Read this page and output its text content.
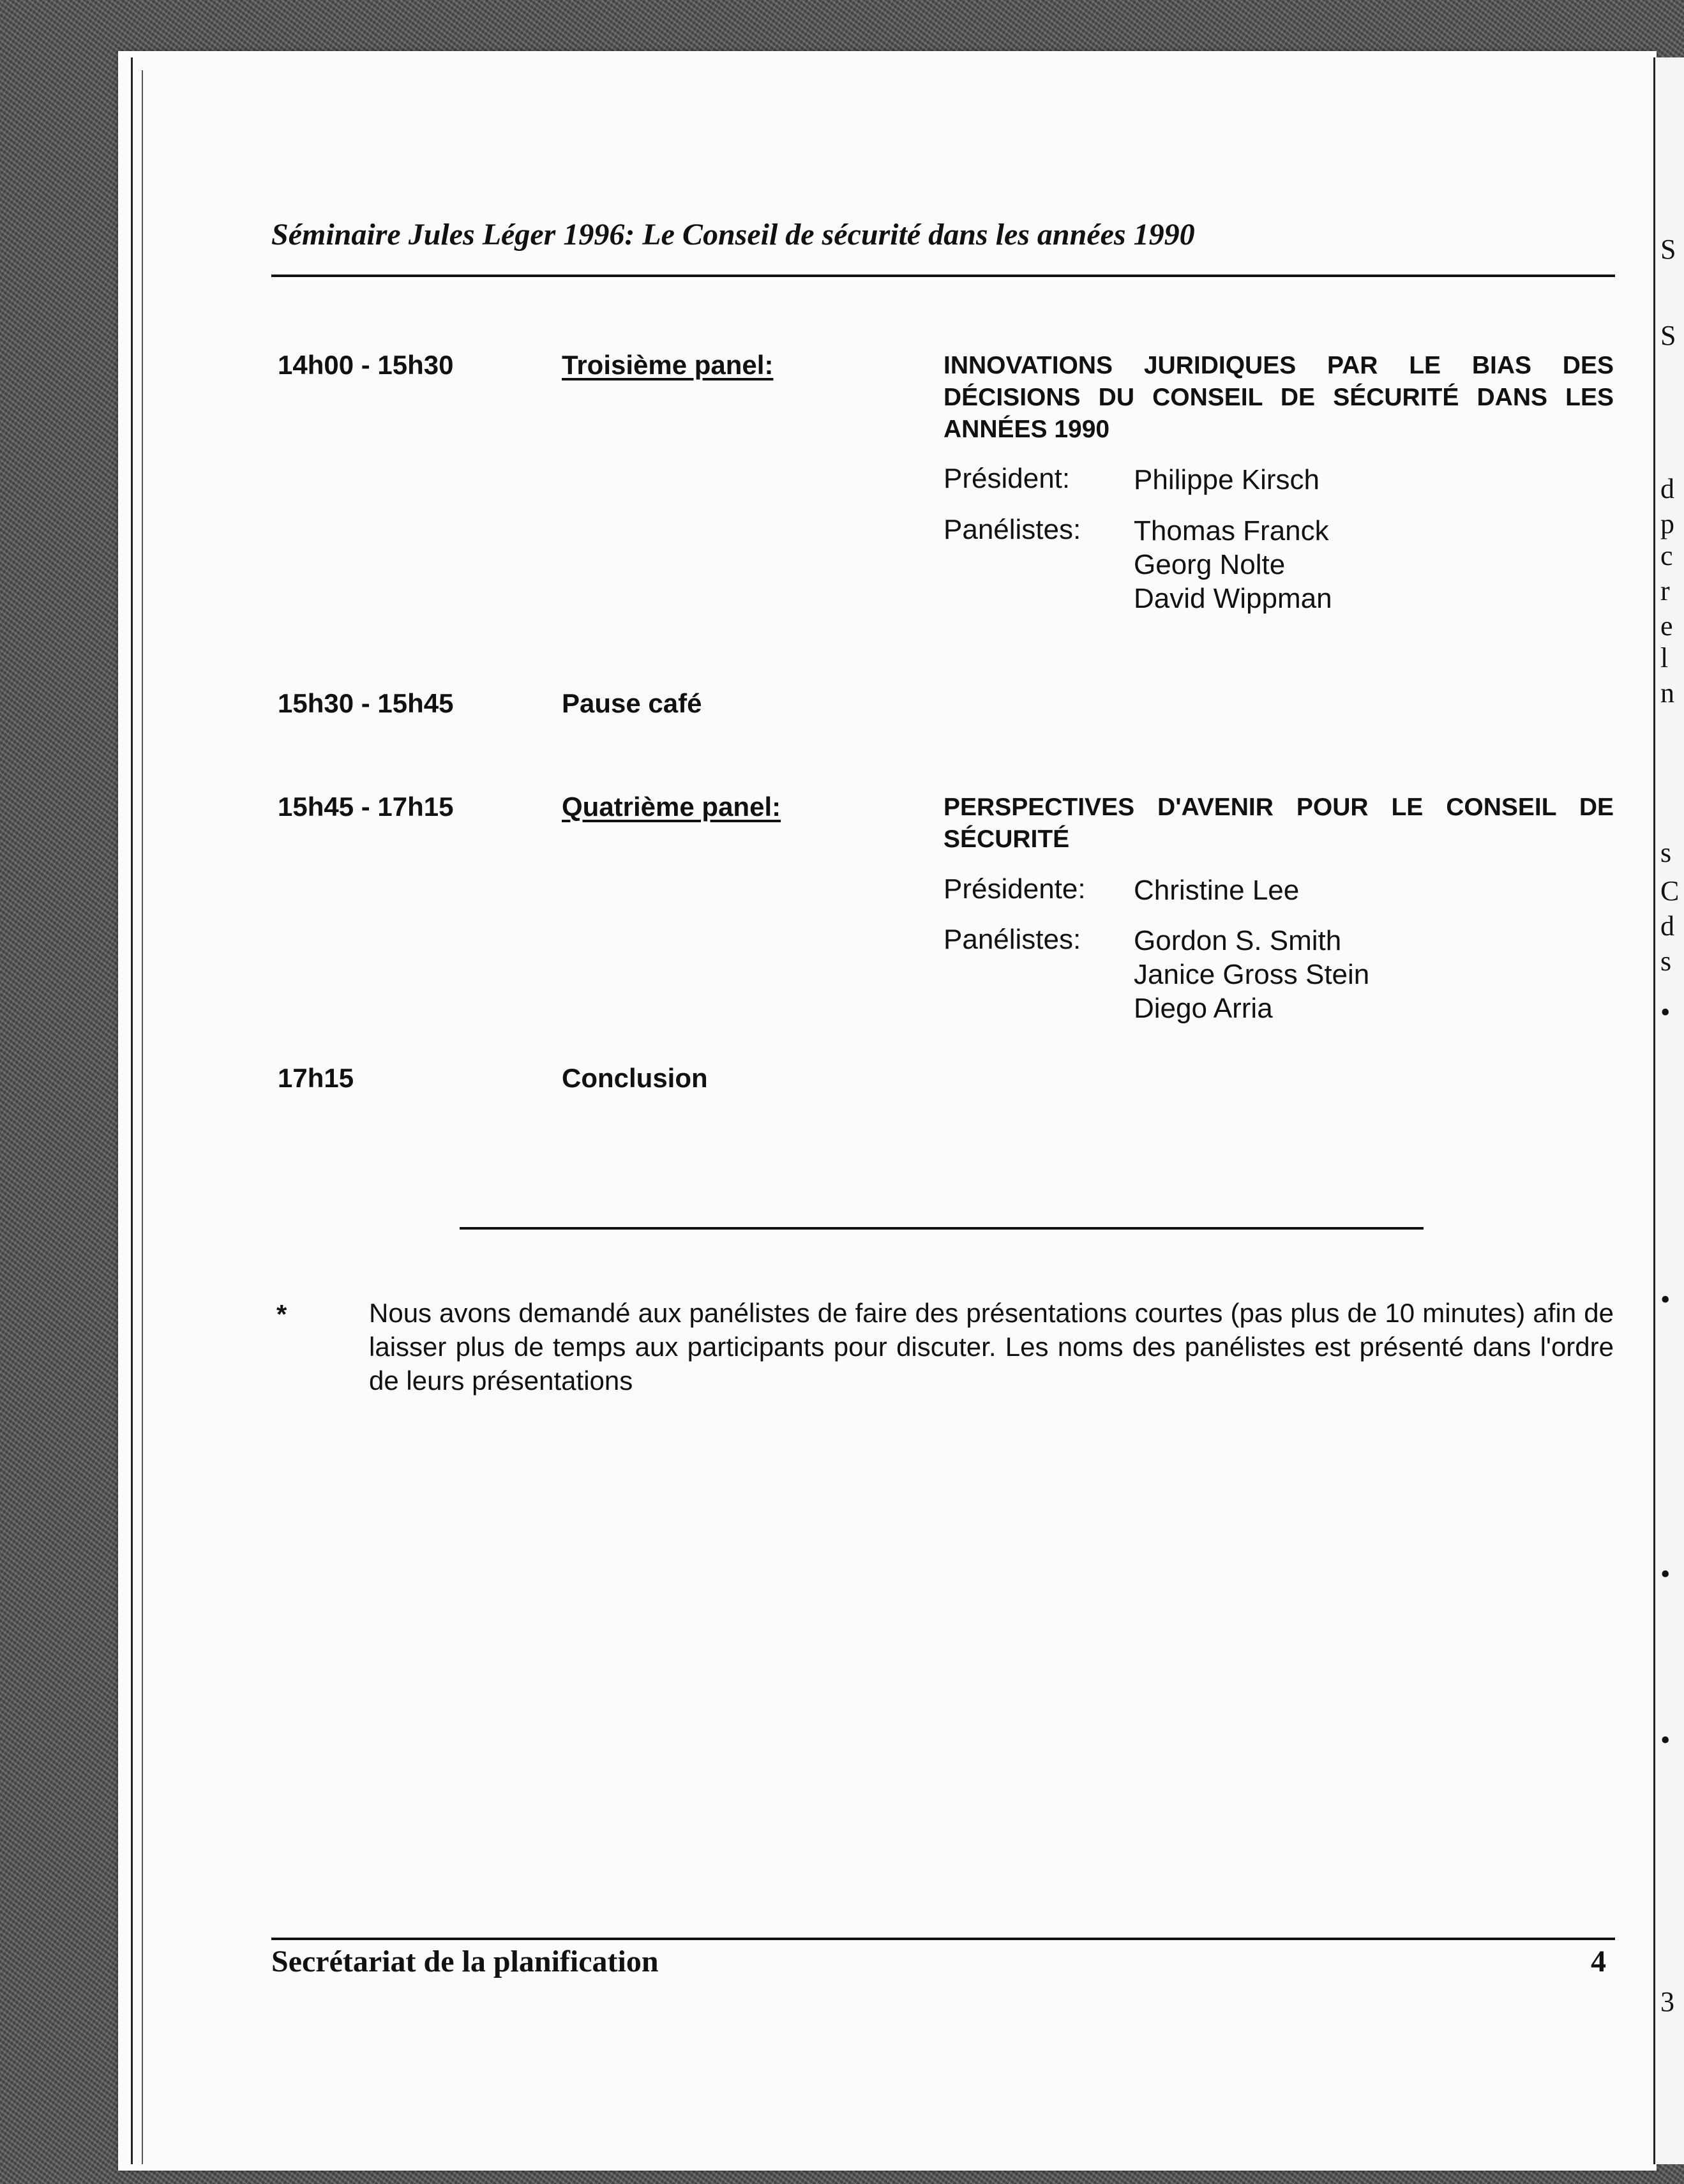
S
S
d
p
c
r
e
l
n
s
C
d
s
•
•
•
•
3
Séminaire Jules Léger 1996: Le Conseil de sécurité dans les années 1990
14h00 - 15h30	Troisième panel:	INNOVATIONS JURIDIQUES PAR LE BIAS DES DÉCISIONS DU CONSEIL DE SÉCURITÉ DANS LES ANNÉES 1990
Président: Philippe Kirsch
Panélistes: Thomas Franck
Georg Nolte
David Wippman
15h30 - 15h45	Pause café
15h45 - 17h15	Quatrième panel:	PERSPECTIVES D'AVENIR POUR LE CONSEIL DE SÉCURITÉ
Présidente: Christine Lee
Panélistes: Gordon S. Smith
Janice Gross Stein
Diego Arria
17h15	Conclusion
*	Nous avons demandé aux panélistes de faire des présentations courtes (pas plus de 10 minutes) afin de laisser plus de temps aux participants pour discuter. Les noms des panélistes est présenté dans l'ordre de leurs présentations
Secrétariat de la planification	4
